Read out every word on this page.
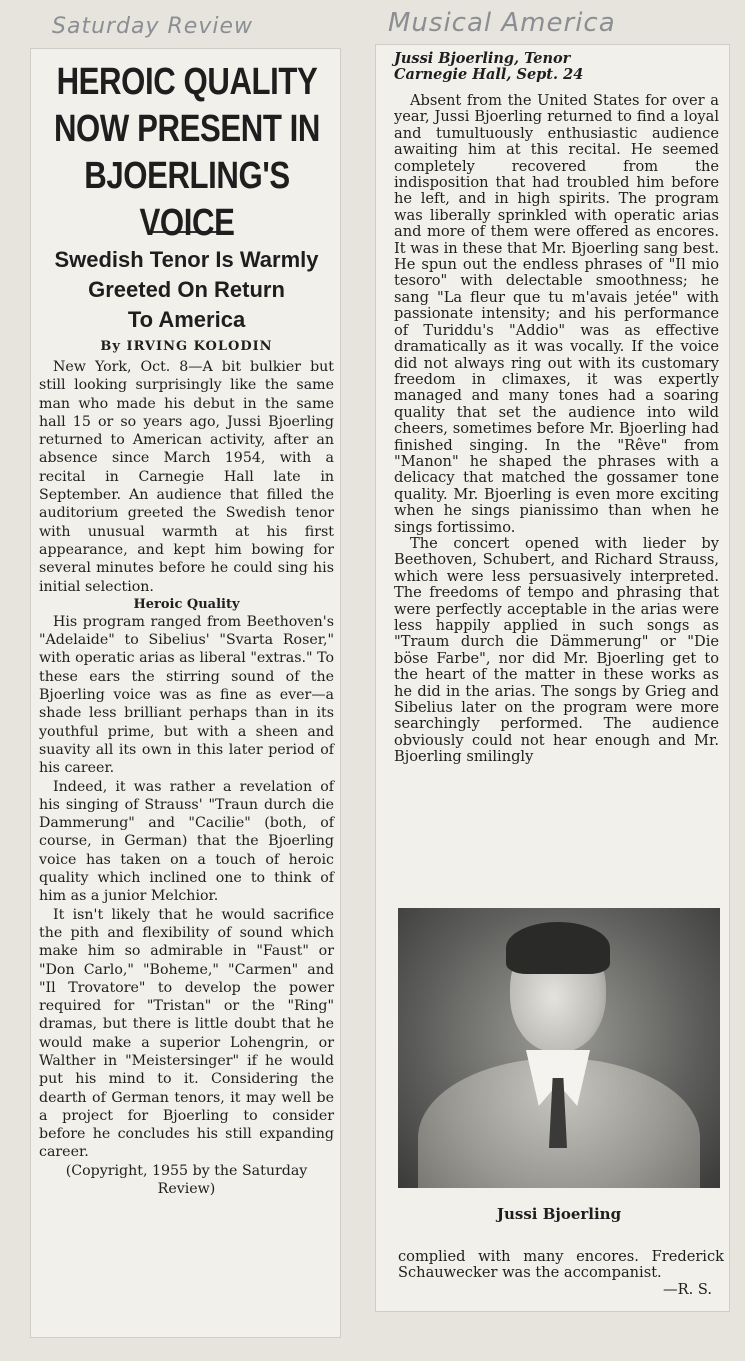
Saturday Review	Musical America
HEROIC QUALITY
NOW PRESENT IN
BJOERLING'S VOICE
Swedish Tenor Is Warmly
Greeted On Return
To America
By IRVING KOLODIN

New York, Oct. 8—A bit bulkier but still looking surprisingly like the same man who made his debut in the same hall 15 or so years ago, Jussi Bjoerling returned to American activity, after an absence since March 1954, with a recital in Carnegie Hall late in September. An audience that filled the auditorium greeted the Swedish tenor with unusual warmth at his first appearance, and kept him bowing for several minutes before he could sing his initial selection.

Heroic Quality

His program ranged from Beethoven's "Adelaide" to Sibelius' "Svarta Roser," with operatic arias as liberal "extras." To these ears the stirring sound of the Bjoerling voice was as fine as ever—a shade less brilliant perhaps than in its youthful prime, but with a sheen and suavity all its own in this later period of his career.

Indeed, it was rather a revelation of his singing of Strauss' "Traun durch die Dammerung" and "Cacilie" (both, of course, in German) that the Bjoerling voice has taken on a touch of heroic quality which inclined one to think of him as a junior Melchior.

It isn't likely that he would sacrifice the pith and flexibility of sound which make him so admirable in "Faust" or "Don Carlo," "Boheme," "Carmen" and "Il Trovatore" to develop the power required for "Tristan" or the "Ring" dramas, but there is little doubt that he would make a superior Lohengrin, or Walther in "Meistersinger" if he would put his mind to it. Considering the dearth of German tenors, it may well be a project for Bjoerling to consider before he concludes his still expanding career.

(Copyright, 1955 by the Saturday
Review)

Jussi Bjoerling, Tenor
Carnegie Hall, Sept. 24

Absent from the United States for over a year, Jussi Bjoerling returned to find a loyal and tumultuously enthusiastic audience awaiting him at this recital. He seemed completely recovered from the indisposition that had troubled him before he left, and in high spirits. The program was liberally sprinkled with operatic arias and more of them were offered as encores. It was in these that Mr. Bjoerling sang best. He spun out the endless phrases of "Il mio tesoro" with delectable smoothness; he sang "La fleur que tu m'avais jetée" with passionate intensity; and his performance of Turiddu's "Addio" was as effective dramatically as it was vocally. If the voice did not always ring out with its customary freedom in climaxes, it was expertly managed and many tones had a soaring quality that set the audience into wild cheers, sometimes before Mr. Bjoerling had finished singing. In the "Rêve" from "Manon" he shaped the phrases with a delicacy that matched the gossamer tone quality. Mr. Bjoerling is even more exciting when he sings pianissimo than when he sings fortissimo.

The concert opened with lieder by Beethoven, Schubert, and Richard Strauss, which were less persuasively interpreted. The freedoms of tempo and phrasing that were perfectly acceptable in the arias were less happily applied in such songs as "Traum durch die Dämmerung" or "Die böse Farbe", nor did Mr. Bjoerling get to the heart of the matter in these works as he did in the arias. The songs by Grieg and Sibelius later on the program were more searchingly performed. The audience obviously could not hear enough and Mr. Bjoerling smilingly

Jussi Bjoerling
complied with many encores. Frederick Schauwecker was the accompanist.
—R. S.
